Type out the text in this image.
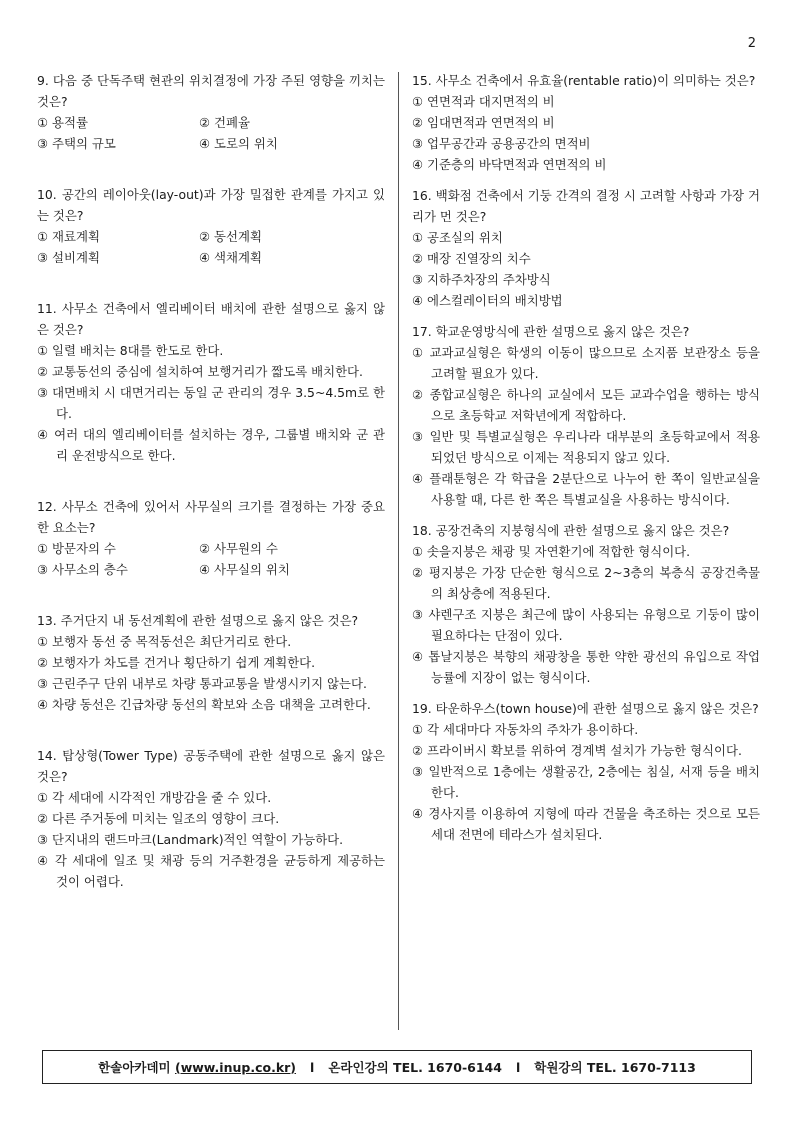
2
9. 다음 중 단독주택 현관의 위치결정에 가장 주된 영향을 끼치는 것은?
① 용적률	② 건폐율
③ 주택의 규모	④ 도로의 위치
10. 공간의 레이아웃(lay-out)과 가장 밀접한 관계를 가지고 있는 것은?
① 재료계획	② 동선계획
③ 설비계획	④ 색채계획
11. 사무소 건축에서 엘리베이터 배치에 관한 설명으로 옳지 않은 것은?
① 일렬 배치는 8대를 한도로 한다.
② 교통동선의 중심에 설치하여 보행거리가 짧도록 배치한다.
③ 대면배치 시 대면거리는 동일 군 관리의 경우 3.5~4.5m로 한다.
④ 여러 대의 엘리베이터를 설치하는 경우, 그룹별 배치와 군 관리 운전방식으로 한다.
12. 사무소 건축에 있어서 사무실의 크기를 결정하는 가장 중요한 요소는?
① 방문자의 수	② 사무원의 수
③ 사무소의 층수	④ 사무실의 위치
13. 주거단지 내 동선계획에 관한 설명으로 옳지 않은 것은?
① 보행자 동선 중 목적동선은 최단거리로 한다.
② 보행자가 차도를 건거나 횡단하기 쉽게 계획한다.
③ 근린주구 단위 내부로 차량 통과교통을 발생시키지 않는다.
④ 차량 동선은 긴급차량 동선의 확보와 소음 대책을 고려한다.
14. 탑상형(Tower Type) 공동주택에 관한 설명으로 옳지 않은 것은?
① 각 세대에 시각적인 개방감을 줄 수 있다.
② 다른 주거동에 미치는 일조의 영향이 크다.
③ 단지내의 랜드마크(Landmark)적인 역할이 가능하다.
④ 각 세대에 일조 및 채광 등의 거주환경을 균등하게 제공하는 것이 어렵다.
15. 사무소 건축에서 유효율(rentable ratio)이 의미하는 것은?
① 연면적과 대지면적의 비
② 임대면적과 연면적의 비
③ 업무공간과 공용공간의 면적비
④ 기준층의 바닥면적과 연면적의 비
16. 백화점 건축에서 기둥 간격의 결정 시 고려할 사항과 가장 거리가 먼 것은?
① 공조실의 위치
② 매장 진열장의 치수
③ 지하주차장의 주차방식
④ 에스컬레이터의 배치방법
17. 학교운영방식에 관한 설명으로 옳지 않은 것은?
① 교과교실형은 학생의 이동이 많으므로 소지품 보관장소 등을 고려할 필요가 있다.
② 종합교실형은 하나의 교실에서 모든 교과수업을 행하는 방식으로 초등학교 저학년에게 적합하다.
③ 일반 및 특별교실형은 우리나라 대부분의 초등학교에서 적용되었던 방식으로 이제는 적용되지 않고 있다.
④ 플래툰형은 각 학급을 2분단으로 나누어 한 쪽이 일반교실을 사용할 때, 다른 한 쪽은 특별교실을 사용하는 방식이다.
18. 공장건축의 지붕형식에 관한 설명으로 옳지 않은 것은?
① 솟을지붕은 채광 및 자연환기에 적합한 형식이다.
② 평지붕은 가장 단순한 형식으로 2~3층의 복층식 공장건축물의 최상층에 적용된다.
③ 샤렌구조 지붕은 최근에 많이 사용되는 유형으로 기둥이 많이 필요하다는 단점이 있다.
④ 톱날지붕은 북향의 채광창을 통한 약한 광선의 유입으로 작업 능률에 지장이 없는 형식이다.
19. 타운하우스(town house)에 관한 설명으로 옳지 않은 것은?
① 각 세대마다 자동차의 주차가 용이하다.
② 프라이버시 확보를 위하여 경계벽 설치가 가능한 형식이다.
③ 일반적으로 1층에는 생활공간, 2층에는 침실, 서재 등을 배치한다.
④ 경사지를 이용하여 지형에 따라 건물을 축조하는 것으로 모든 세대 전면에 테라스가 설치된다.
한솔아카데미
(www.inup.co.kr) l 온라인강의 TEL. 1670-6144 l 학원강의 TEL. 1670-7113
